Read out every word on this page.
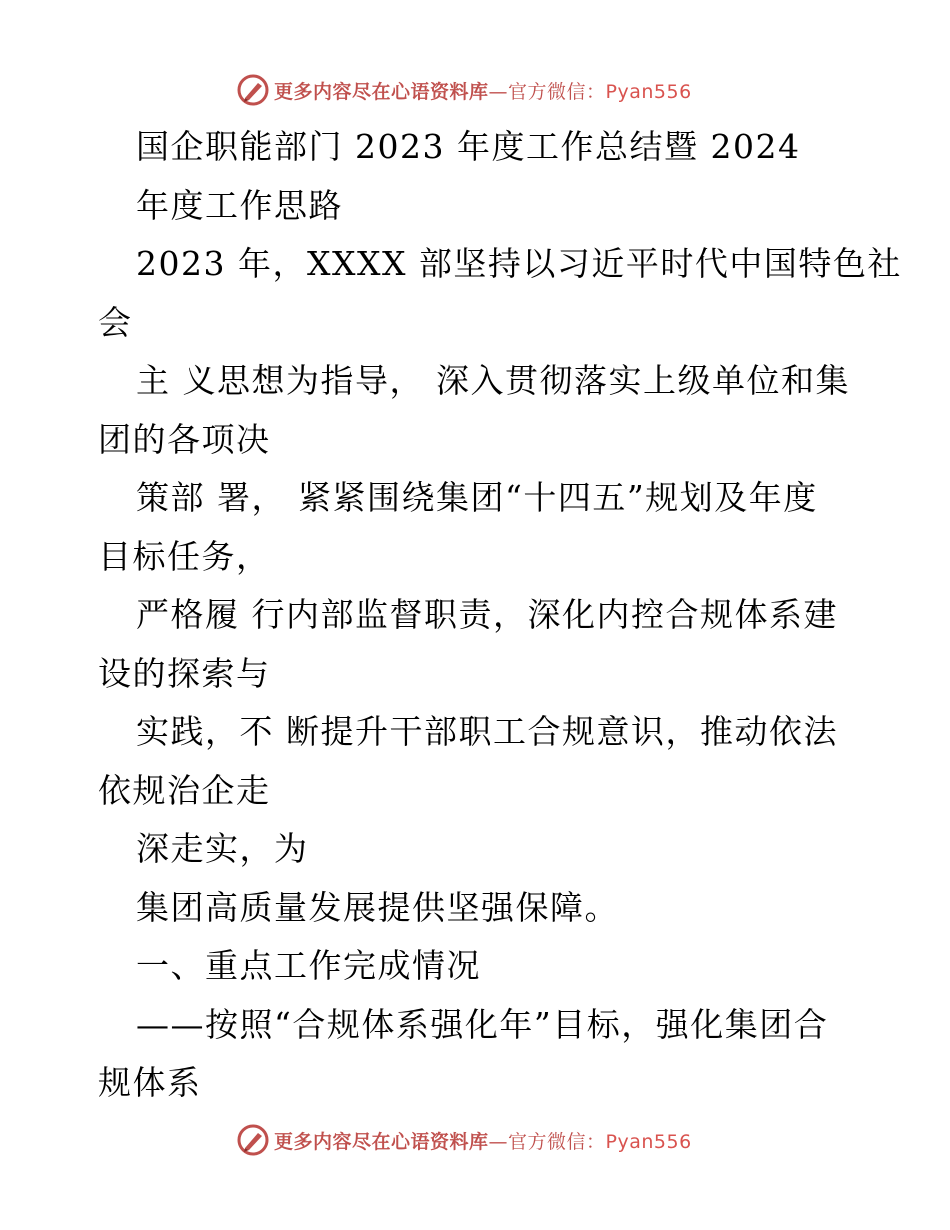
更多内容尽在心语资料库 —官方微信：Pyan556
国企职能部门 2023 年度工作总结暨 2024
年度工作思路
2023 年，XXXX 部坚持以习近平时代中国特色社
会
主 义思想为指导， 深入贯彻落实上级单位和集
团的各项决
策部 署， 紧紧围绕集团“十四五”规划及年度
目标任务，
严格履 行内部监督职责，深化内控合规体系建
设的探索与
实践，不 断提升干部职工合规意识，推动依法
依规治企走
深走实，为
集团高质量发展提供坚强保障。
一、重点工作完成情况
——按照“合规体系强化年”目标，强化集团合
规体系
更多内容尽在心语资料库 —官方微信：Pyan556
